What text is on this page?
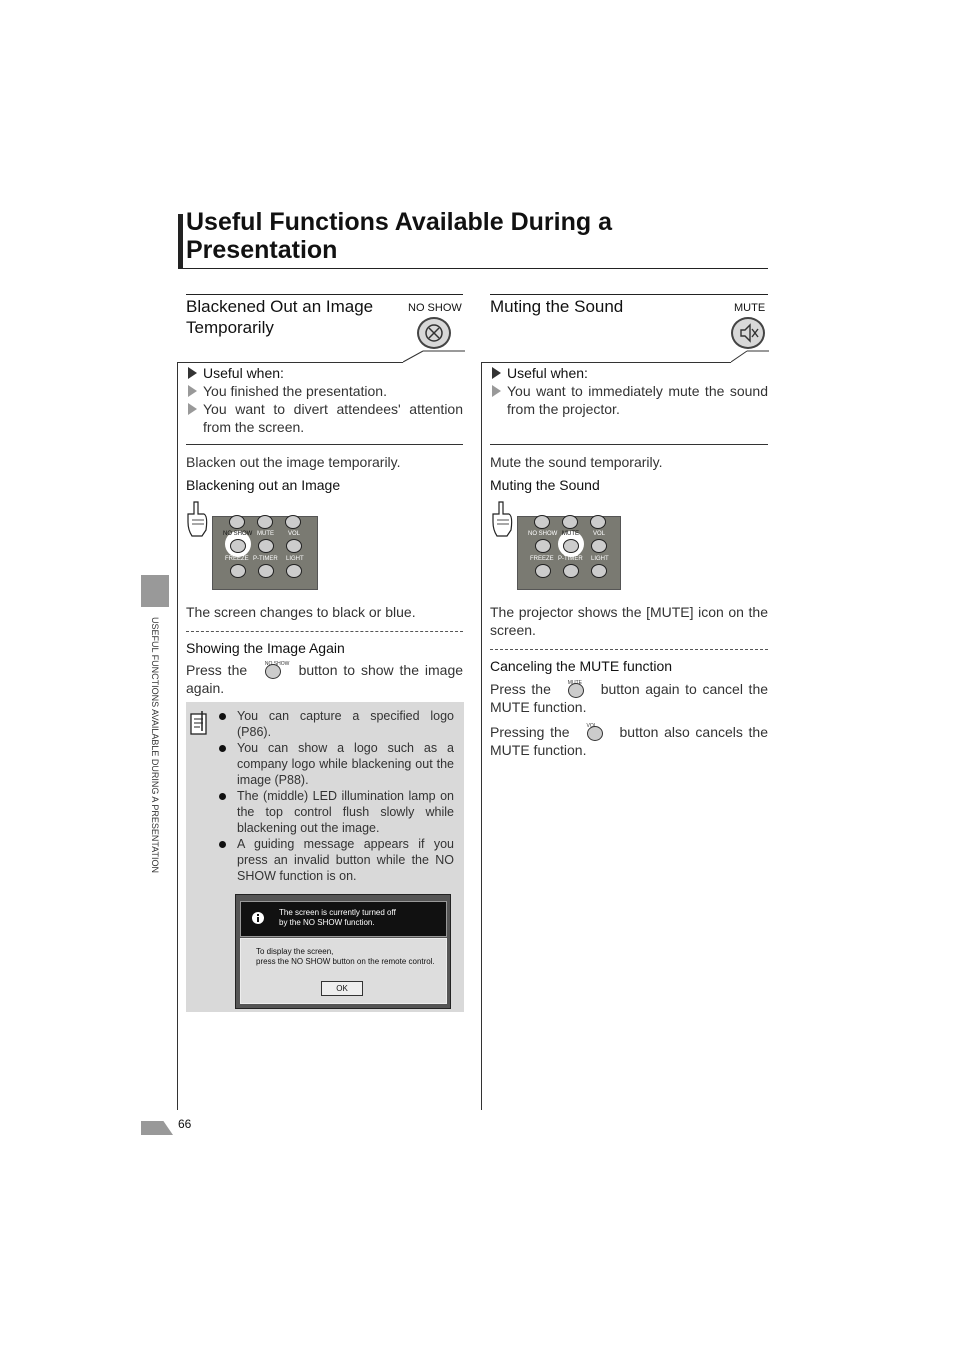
Useful Functions Available During a Presentation
USEFUL FUNCTIONS AVAILABLE DURING A PRESENTATION
Blackened Out an Image Temporarily
NO SHOW
Useful when:
You finished the presentation.
You want to divert attendees' attention from the screen.
Blacken out the image temporarily.
Blackening out an Image
NO SHOW MUTE VOL
FREEZE P-TIMER LIGHT
The screen changes to black or blue.
Showing the Image Again
Press the	NO SHOW button to show the image again.
You can capture a specified logo (P86).
You can show a logo such as a company logo while blackening out the image (P88).
The (middle) LED illumination lamp on the top control flush slowly while blackening out the image.
A guiding message appears if you press an invalid button while the NO SHOW function is on.
The screen is currently turned off
by the NO SHOW function.
To display the screen,
press the NO SHOW button on the remote control.
OK
Muting the Sound	MUTE
Useful when:
You want to immediately mute the sound from the projector.
Mute the sound temporarily.
Muting the Sound
NO SHOW MUTE VOL
FREEZE P-TIMER LIGHT
The projector shows the [MUTE] icon on the screen.
Canceling the MUTE function
Press the	MUTE button again to cancel the MUTE function.
Pressing the	VOL button also cancels the MUTE function.
66
